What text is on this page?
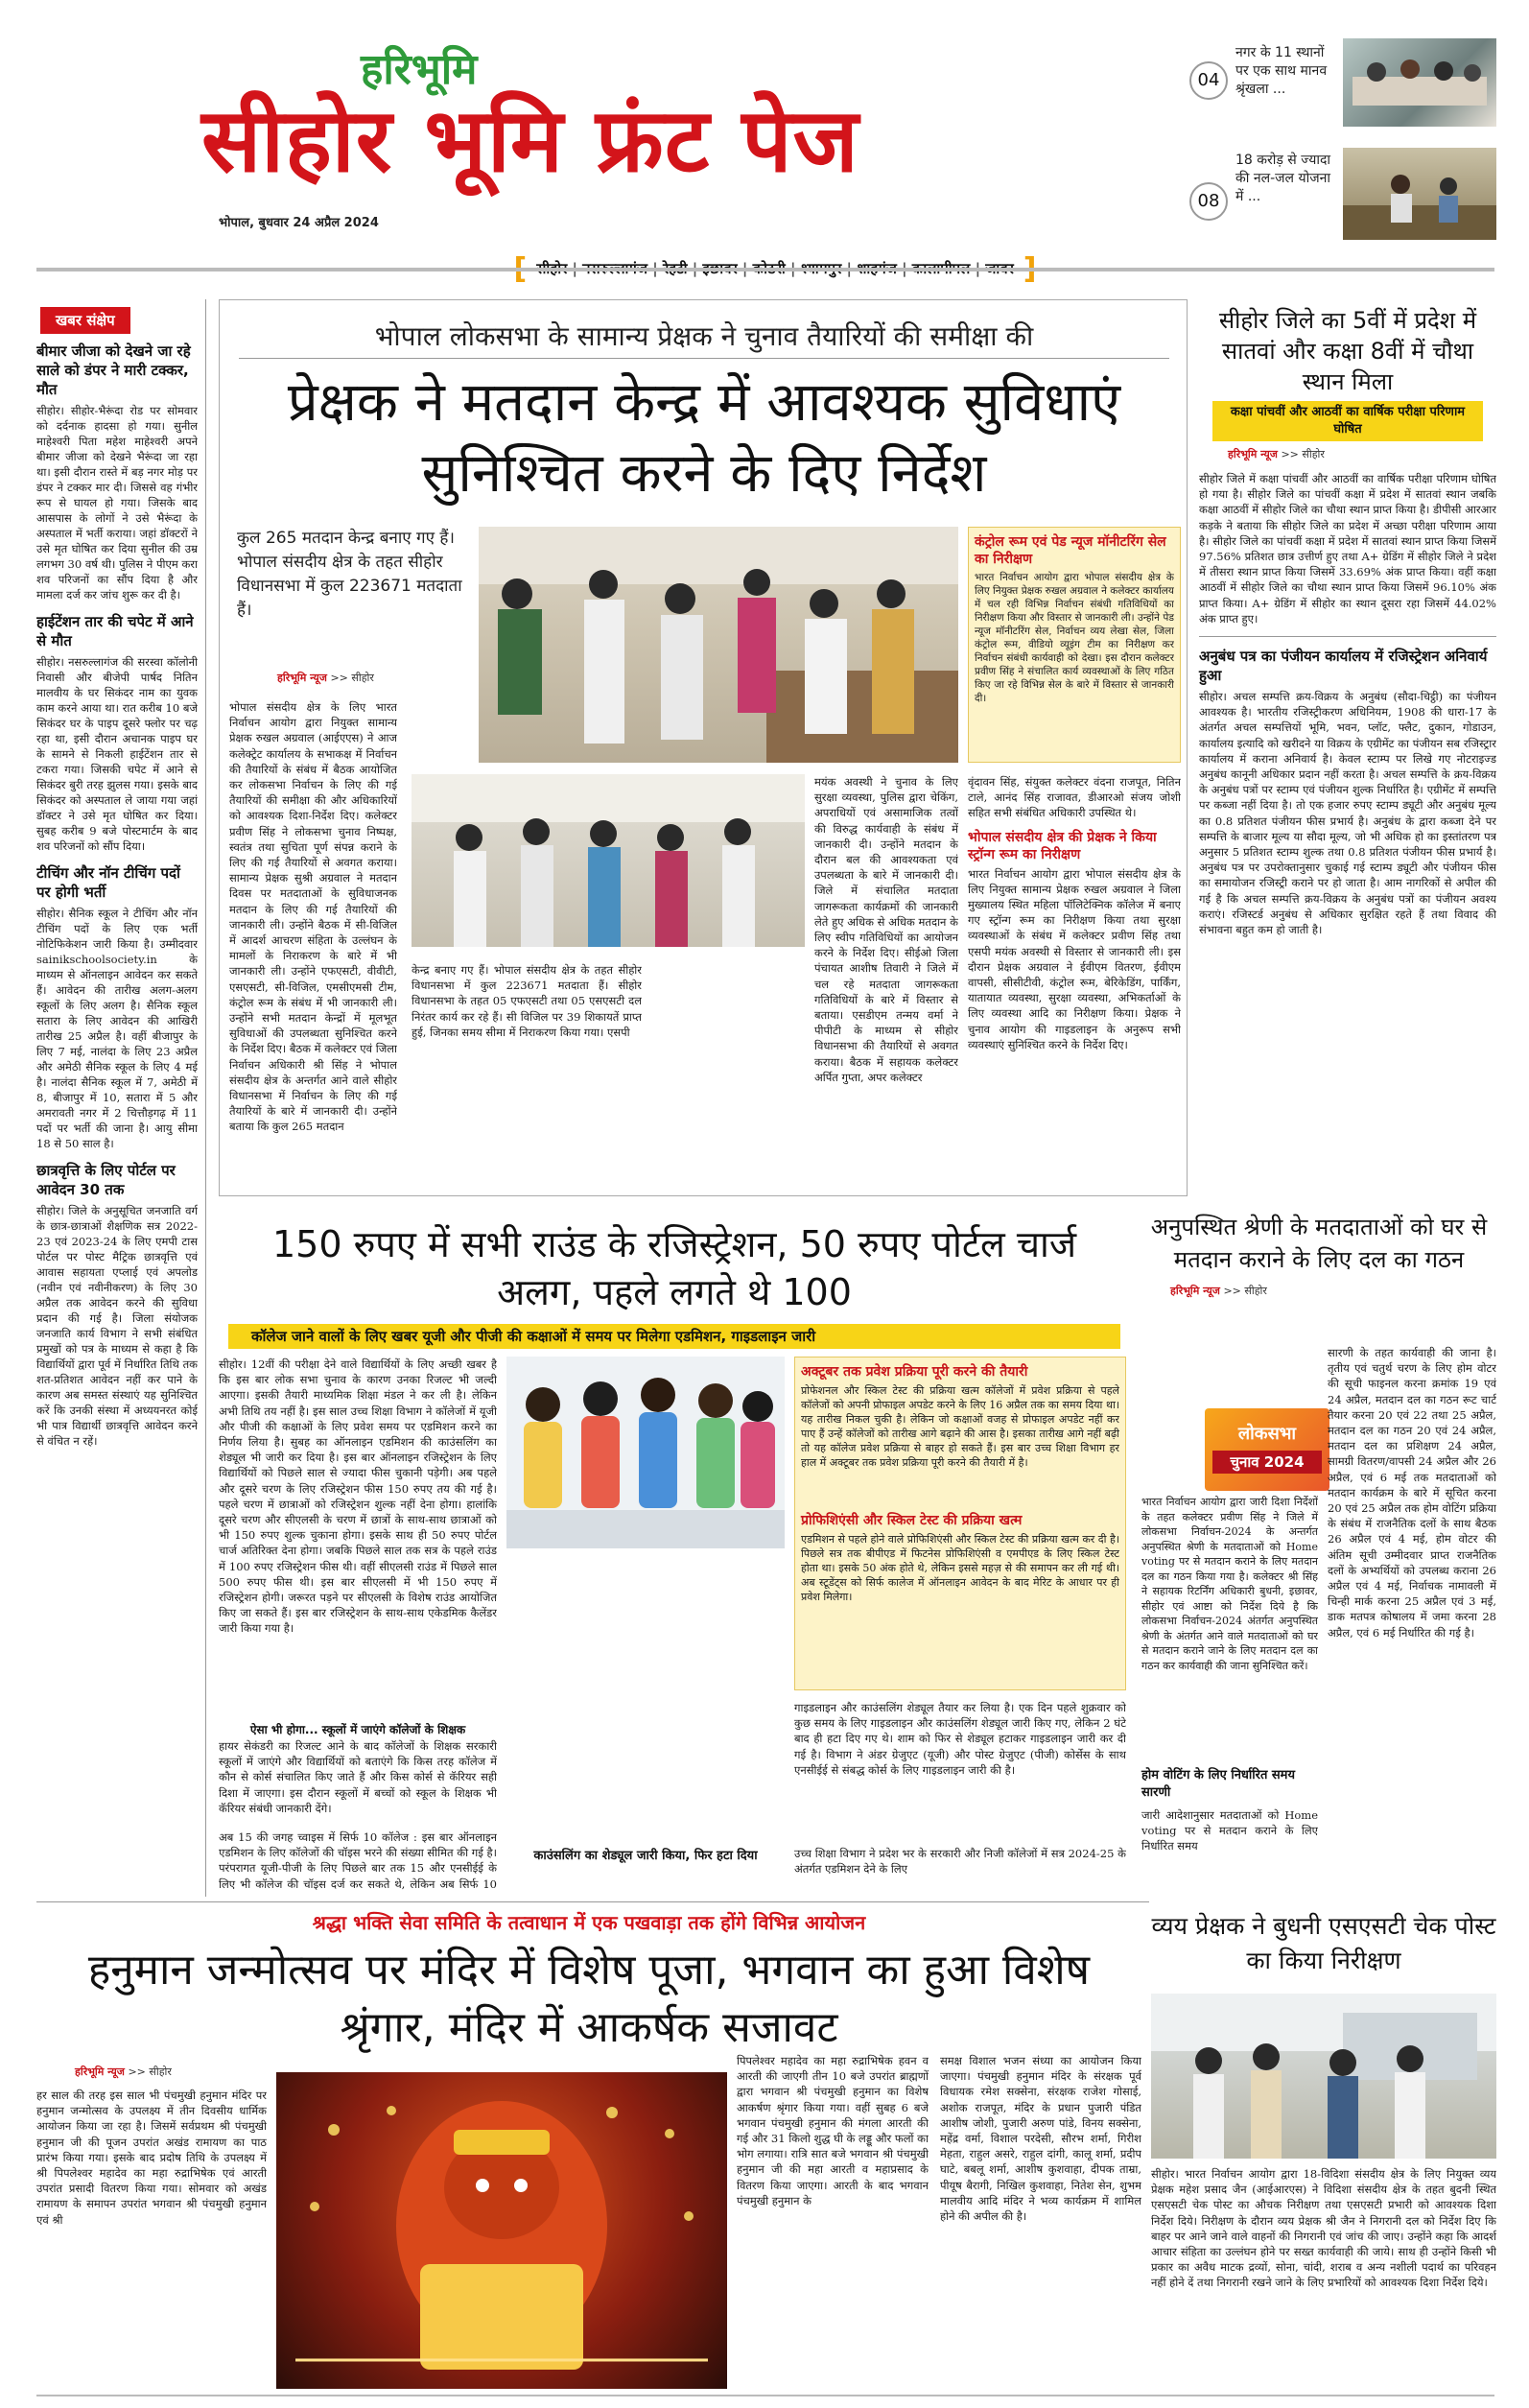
हरिभूमि
सीहोर भूमि फ्रंट पेज
भोपाल, बुधवार 24 अप्रैल 2024
04
नगर के 11 स्थानों पर एक साथ मानव श्रृंखला ...
08
18 करोड़ से ज्यादा की नल-जल योजना में ...
खबर संक्षेप
बीमार जीजा को देखने जा रहे साले को डंपर ने मारी टक्कर, मौत
सीहोर। सीहोर-भैरूंदा रोड पर सोमवार को दर्दनाक हादसा हो गया। सुनील माहेश्वरी पिता महेश माहेश्वरी अपने बीमार जीजा को देखने भैरूंदा जा रहा था। इसी दौरान रास्ते में बड़ नगर मोड़ पर डंपर ने टक्कर मार दी। जिससे वह गंभीर रूप से घायल हो गया। जिसके बाद आसपास के लोगों ने उसे भैरूंदा के अस्पताल में भर्ती कराया। जहां डॉक्टरों ने उसे मृत घोषित कर दिया सुनील की उम्र लगभग 30 वर्ष थी। पुलिस ने पीएम करा शव परिजनों का सौंप दिया है और मामला दर्ज कर जांच शुरू कर दी है।
हाईटेंशन तार की चपेट में आने से मौत
सीहोर। नसरुल्लागंज की सरस्वा कॉलोनी निवासी और बीजेपी पार्षद नितिन मालवीय के घर सिकंदर नाम का युवक काम करने आया था। रात करीब 10 बजे सिकंदर घर के पाइप दूसरे फ्लोर पर चढ़ रहा था, इसी दौरान अचानक पाइप घर के सामने से निकली हाईटेंशन तार से टकरा गया। जिसकी चपेट में आने से सिकंदर बुरी तरह झुलस गया। इसके बाद सिकंदर को अस्पताल ले जाया गया जहां डॉक्टर ने उसे मृत घोषित कर दिया। सुबह करीब 9 बजे पोस्टमार्टम के बाद शव परिजनों को सौंप दिया।
टीचिंग और नॉन टीचिंग पदों पर होगी भर्ती
सीहोर। सैनिक स्कूल ने टीचिंग और नॉन टीचिंग पदों के लिए एक भर्ती नोटिफिकेशन जारी किया है। उम्मीदवार sainikschoolsociety.in के माध्यम से ऑनलाइन आवेदन कर सकते हैं। आवेदन की तारीख अलग-अलग स्कूलों के लिए अलग है। सैनिक स्कूल सतारा के लिए आवेदन की आखिरी तारीख 25 अप्रैल है। वहीं बीजापुर के लिए 7 मई, नालंदा के लिए 23 अप्रैल और अमेठी सैनिक स्कूल के लिए 4 मई है। नालंदा सैनिक स्कूल में 7, अमेठी में 8, बीजापुर में 10, सतारा में 5 और अमरावती नगर में 2 चित्तौड़गढ़ में 11 पदों पर भर्ती की जाना है। आयु सीमा 18 से 50 साल है।
छात्रवृत्ति के लिए पोर्टल पर आवेदन 30 तक
सीहोर। जिले के अनुसूचित जनजाति वर्ग के छात्र-छात्राओं शैक्षणिक सत्र 2022-23 एवं 2023-24 के लिए एमपी टास पोर्टल पर पोस्ट मैट्रिक छात्रवृत्ति एवं आवास सहायता एप्लाई एवं अपलोड (नवीन एवं नवीनीकरण) के लिए 30 अप्रैल तक आवेदन करने की सुविधा प्रदान की गई है। जिला संयोजक जनजाति कार्य विभाग ने सभी संबंधित प्रमुखों को पत्र के माध्यम से कहा है कि विद्यार्थियों द्वारा पूर्व में निर्धारित तिथि तक शत-प्रतिशत आवेदन नहीं कर पाने के कारण अब समस्त संस्थाएं यह सुनिश्चित करें कि उनकी संस्था में अध्ययनरत कोई भी पात्र विद्यार्थी छात्रवृत्ति आवेदन करने से वंचित न रहें।
भोपाल लोकसभा के सामान्य प्रेक्षक ने चुनाव तैयारियों की समीक्षा की
प्रेक्षक ने मतदान केन्द्र में आवश्यक सुविधाएं सुनिश्चित करने के दिए निर्देश
कुल 265 मतदान केन्द्र बनाए गए हैं। भोपाल संसदीय क्षेत्र के तहत सीहोर विधानसभा में कुल 223671 मतदाता हैं।
हरिभूमि न्यूज >> सीहोर
कंट्रोल रूम एवं पेड न्यूज मॉनीटरिंग सेल का निरीक्षण
भारत निर्वाचन आयोग द्वारा भोपाल संसदीय क्षेत्र के लिए नियुक्त प्रेक्षक रुखल अग्रवाल ने कलेक्टर कार्यालय में चल रही विभिन्न निर्वाचन संबंधी गतिविधियों का निरीक्षण किया और विस्तार से जानकारी ली। उन्होंने पेड न्यूज मॉनीटरिंग सेल, निर्वाचन व्यय लेखा सेल, जिला कंट्रोल रूम, वीडियो व्यूइंग टीम का निरीक्षण कर निर्वाचन संबंधी कार्यवाही को देखा। इस दौरान कलेक्टर प्रवीण सिंह ने संचालित कार्य व्यवस्थाओं के लिए गठित किए जा रहे विभिन्न सेल के बारे में विस्तार से जानकारी दी।
भोपाल संसदीय क्षेत्र के लिए भारत निर्वाचन आयोग द्वारा नियुक्त सामान्य प्रेक्षक रुखल अग्रवाल (आईएएस) ने आज कलेक्ट्रेट कार्यालय के सभाकक्ष में निर्वाचन की तैयारियों के संबंध में बैठक आयोजित कर लोकसभा निर्वाचन के लिए की गई तैयारियों की समीक्षा की और अधिकारियों को आवश्यक दिशा-निर्देश दिए। कलेक्टर प्रवीण सिंह ने लोकसभा चुनाव निष्पक्ष, स्वतंत्र तथा सुचिता पूर्ण संपन्न कराने के लिए की गई तैयारियों से अवगत कराया। सामान्य प्रेक्षक सुश्री अग्रवाल ने मतदान दिवस पर मतदाताओं के सुविधाजनक मतदान के लिए की गई तैयारियों की जानकारी ली। उन्होंने बैठक में सी-विजिल में आदर्श आचरण संहिता के उल्लंघन के मामलों के निराकरण के बारे में भी जानकारी ली। उन्होंने एफएसटी, वीवीटी, एसएसटी, सी-विजिल, एमसीएमसी टीम, कंट्रोल रूम के संबंध में भी जानकारी ली। उन्होंने सभी मतदान केन्द्रों में मूलभूत सुविधाओं की उपलब्धता सुनिश्चित करने के निर्देश दिए। बैठक में कलेक्टर एवं जिला निर्वाचन अधिकारी श्री सिंह ने भोपाल संसदीय क्षेत्र के अन्तर्गत आने वाले सीहोर विधानसभा में निर्वाचन के लिए की गई तैयारियों के बारे में जानकारी दी। उन्होंने बताया कि कुल 265 मतदान
केन्द्र बनाए गए हैं। भोपाल संसदीय क्षेत्र के तहत सीहोर विधानसभा में कुल 223671 मतदाता हैं। सीहोर विधानसभा के तहत 05 एफएसटी तथा 05 एसएसटी दल निरंतर कार्य कर रहे हैं। सी विजिल पर 39 शिकायतें प्राप्त हुई, जिनका समय सीमा में निराकरण किया गया। एसपी
मयंक अवस्थी ने चुनाव के लिए सुरक्षा व्यवस्था, पुलिस द्वारा चेकिंग, अपराधियों एवं असामाजिक तत्वों की विरुद्ध कार्यवाही के संबंध में जानकारी दी। उन्होंने मतदान के दौरान बल की आवश्यकता एवं उपलब्धता के बारे में जानकारी दी। जिले में संचालित मतदाता जागरूकता कार्यक्रमों की जानकारी लेते हुए अधिक से अधिक मतदान के लिए स्वीप गतिविधियों का आयोजन करने के निर्देश दिए। सीईओ जिला पंचायत आशीष तिवारी ने जिले में चल रहे मतदाता जागरूकता गतिविधियों के बारे में विस्तार से बताया। एसडीएम तन्मय वर्मा ने पीपीटी के माध्यम से सीहोर विधानसभा की तैयारियों से अवगत कराया। बैठक में सहायक कलेक्टर अर्पित गुप्ता, अपर कलेक्टर
वृंदावन सिंह, संयुक्त कलेक्टर वंदना राजपूत, नितिन टाले, आनंद सिंह राजावत, डीआरओ संजय जोशी सहित सभी संबंधित अधिकारी उपस्थित थे।
भोपाल संसदीय क्षेत्र की प्रेक्षक ने किया स्ट्रॉन्ग रूम का निरीक्षण
भारत निर्वाचन आयोग द्वारा भोपाल संसदीय क्षेत्र के लिए नियुक्त सामान्य प्रेक्षक रुखल अग्रवाल ने जिला मुख्यालय स्थित महिला पॉलिटेक्निक कॉलेज में बनाए गए स्ट्रॉन्ग रूम का निरीक्षण किया तथा सुरक्षा व्यवस्थाओं के संबंध में कलेक्टर प्रवीण सिंह तथा एसपी मयंक अवस्थी से विस्तार से जानकारी ली। इस दौरान प्रेक्षक अग्रवाल ने ईवीएम वितरण, ईवीएम वापसी, सीसीटीवी, कंट्रोल रूम, बेरिकेडिंग, पार्किंग, यातायात व्यवस्था, सुरक्षा व्यवस्था, अभिकर्ताओं के लिए व्यवस्था आदि का निरीक्षण किया। प्रेक्षक ने चुनाव आयोग की गाइडलाइन के अनुरूप सभी व्यवस्थाएं सुनिश्चित करने के निर्देश दिए।
सीहोर जिले का 5वीं में प्रदेश में सातवां और कक्षा 8वीं में चौथा स्थान मिला
कक्षा पांचवीं और आठवीं का वार्षिक परीक्षा परिणाम घोषित
हरिभूमि न्यूज >> सीहोर
सीहोर जिले में कक्षा पांचवीं और आठवीं का वार्षिक परीक्षा परिणाम घोषित हो गया है। सीहोर जिले का पांचवीं कक्षा में प्रदेश में सातवां स्थान जबकि कक्षा आठवीं में सीहोर जिले का चौथा स्थान प्राप्त किया है। डीपीसी आरआर कड़के ने बताया कि सीहोर जिले का प्रदेश में अच्छा परीक्षा परिणाम आया है। सीहोर जिले का पांचवीं कक्षा में प्रदेश में सातवां स्थान प्राप्त किया जिसमें 97.56% प्रतिशत छात्र उत्तीर्ण हुए तथा A+ ग्रेडिंग में सीहोर जिले ने प्रदेश में तीसरा स्थान प्राप्त किया जिसमें 33.69% अंक प्राप्त किया। वहीं कक्षा आठवीं में सीहोर जिले का चौथा स्थान प्राप्त किया जिसमें 96.10% अंक प्राप्त किया। A+ ग्रेडिंग में सीहोर का स्थान दूसरा रहा जिसमें 44.02% अंक प्राप्त हुए।
अनुबंध पत्र का पंजीयन कार्यालय में रजिस्ट्रेशन अनिवार्य हुआ
सीहोर। अचल सम्पत्ति क्रय-विक्रय के अनुबंध (सौदा-चिट्ठी) का पंजीयन आवश्यक है। भारतीय रजिस्ट्रीकरण अधिनियम, 1908 की धारा-17 के अंतर्गत अचल सम्पत्तियों भूमि, भवन, प्लॉट, फ्लैट, दुकान, गोडाउन, कार्यालय इत्यादि को खरीदने या विक्रय के एग्रीमेंट का पंजीयन सब रजिस्ट्रार कार्यालय में कराना अनिवार्य है। केवल स्टाम्प पर लिखे गए नोटराइज्ड अनुबंध कानूनी अधिकार प्रदान नहीं करता है। अचल सम्पत्ति के क्रय-विक्रय के अनुबंध पत्रों पर स्टाम्प एवं पंजीयन शुल्क निर्धारित है। एग्रीमेंट में सम्पत्ति पर कब्जा नहीं दिया है। तो एक हजार रुपए स्टाम्प ड्यूटी और अनुबंध मूल्य का 0.8 प्रतिशत पंजीयन फीस प्रभार्य है। अनुबंध के द्वारा कब्जा देने पर सम्पत्ति के बाजार मूल्य या सौदा मूल्य, जो भी अधिक हो का इस्तांतरण पत्र अनुसार 5 प्रतिशत स्टाम्प शुल्क तथा 0.8 प्रतिशत पंजीयन फीस प्रभार्य है। अनुबंध पत्र पर उपरोक्तानुसार चुकाई गई स्टाम्प ड्यूटी और पंजीयन फीस का समायोजन रजिस्ट्री कराने पर हो जाता है। आम नागरिकों से अपील की गई है कि अचल सम्पत्ति क्रय-विक्रय के अनुबंध पत्रों का पंजीयन अवश्य कराएं। रजिस्टर्ड अनुबंध से अधिकार सुरक्षित रहते हैं तथा विवाद की संभावना बहुत कम हो जाती है।
150 रुपए में सभी राउंड के रजिस्ट्रेशन, 50 रुपए पोर्टल चार्ज अलग, पहले लगते थे 100
कॉलेज जाने वालों के लिए खबर यूजी और पीजी की कक्षाओं में समय पर मिलेगा एडमिशन, गाइडलाइन जारी
सीहोर। 12वीं की परीक्षा देने वाले विद्यार्थियों के लिए अच्छी खबर है कि इस बार लोक सभा चुनाव के कारण उनका रिजल्ट भी जल्दी आएगा। इसकी तैयारी माध्यमिक शिक्षा मंडल ने कर ली है। लेकिन अभी तिथि तय नहीं है। इस साल उच्च शिक्षा विभाग ने कॉलेजों में यूजी और पीजी की कक्षाओं के लिए प्रवेश समय पर एडमिशन करने का निर्णय लिया है। सुबह का ऑनलाइन एडमिशन की काउंसलिंग का शेड्यूल भी जारी कर दिया है। इस बार ऑनलाइन रजिस्ट्रेशन के लिए विद्यार्थियों को पिछले साल से ज्यादा फीस चुकानी पड़ेगी। अब पहले और दूसरे चरण के लिए रजिस्ट्रेशन फीस 150 रुपए तय की गई है। पहले चरण में छात्राओं को रजिस्ट्रेशन शुल्क नहीं देना होगा। हालांकि दूसरे चरण और सीएलसी के चरण में छात्रों के साथ-साथ छात्राओं को भी 150 रुपए शुल्क चुकाना होगा। इसके साथ ही 50 रुपए पोर्टल चार्ज अतिरिक्त देना होगा। जबकि पिछले साल तक सत्र के पहले राउंड में 100 रुपए रजिस्ट्रेशन फीस थी। वहीं सीएलसी राउंड में पिछले साल 500 रुपए फीस थी। इस बार सीएलसी में भी 150 रुपए में रजिस्ट्रेशन होगी। जरूरत पड़ने पर सीएलसी के विशेष राउंड आयोजित किए जा सकते हैं। इस बार रजिस्ट्रेशन के साथ-साथ एकेडमिक कैलेंडर जारी किया गया है।
ऐसा भी होगा... स्कूलों में जाएंगे कॉलेजों के शिक्षक
हायर सेकंडरी का रिजल्ट आने के बाद कॉलेजों के शिक्षक सरकारी स्कूलों में जाएंगे और विद्यार्थियों को बताएंगे कि किस तरह कॉलेज में कौन से कोर्स संचालित किए जाते हैं और किस कोर्स से कॅरियर सही दिशा में जाएगा। इस दौरान स्कूलों में बच्चों को स्कूल के शिक्षक भी कॅरियर संबंधी जानकारी देंगे।
अब 15 की जगह च्वाइस में सिर्फ 10 कॉलेज : इस बार ऑनलाइन एडमिशन के लिए कॉलेजों की चॉइस भरने की संख्या सीमित की गई है। परंपरागत यूजी-पीजी के लिए पिछले बार तक 15 और एनसीईई के लिए भी कॉलेज की चॉइस दर्ज कर सकते थे, लेकिन अब सिर्फ 10
काउंसलिंग का शेड्यूल जारी किया, फिर हटा दिया
अक्टूबर तक प्रवेश प्रक्रिया पूरी करने की तैयारी
प्रोफेशनल और स्किल टेस्ट की प्रक्रिया खत्म कॉलेजों में प्रवेश प्रक्रिया से पहले कॉलेजों को अपनी प्रोफाइल अपडेट करने के लिए 16 अप्रैल तक का समय दिया था। यह तारीख निकल चुकी है। लेकिन जो कक्षाओं वजह से प्रोफाइल अपडेट नहीं कर पाए हैं उन्हें कॉलेजों को तारीख आगे बढ़ाने की आस है। इसका तारीख आगे नहीं बढ़ी तो यह कॉलेज प्रवेश प्रक्रिया से बाहर हो सकते हैं। इस बार उच्च शिक्षा विभाग हर हाल में अक्टूबर तक प्रवेश प्रक्रिया पूरी करने की तैयारी में है।
प्रोफिशिएंसी और स्किल टेस्ट की प्रक्रिया खत्म
एडमिशन से पहले होने वाले प्रोफिशिएंसी और स्किल टेस्ट की प्रक्रिया खत्म कर दी है। पिछले सत्र तक बीपीएड में फिटनेस प्रोफिशिएंसी व एमपीएड के लिए स्किल टेस्ट होता था। इसके 50 अंक होते थे, लेकिन इससे महज़ से की समापन कर ली गई थी। अब स्टूडेंट्स को सिर्फ कालेज में ऑनलाइन आवेदन के बाद मेरिट के आधार पर ही प्रवेश मिलेगा।
गाइडलाइन और काउंसलिंग शेड्यूल तैयार कर लिया है। एक दिन पहले शुक्रवार को कुछ समय के लिए गाइडलाइन और काउंसलिंग शेड्यूल जारी किए गए, लेकिन 2 घंटे बाद ही हटा दिए गए थे। शाम को फिर से शेड्यूल हटाकर गाइडलाइन जारी कर दी गई है। विभाग ने अंडर ग्रेजुएट (यूजी) और पोस्ट ग्रेजुएट (पीजी) कोर्सेस के साथ एनसीईई से संबद्ध कोर्स के लिए गाइडलाइन जारी की है।
उच्च शिक्षा विभाग ने प्रदेश भर के सरकारी और निजी कॉलेजों में सत्र 2024-25 के अंतर्गत एडमिशन देने के लिए
अनुपस्थित श्रेणी के मतदाताओं को घर से मतदान कराने के लिए दल का गठन
हरिभूमि न्यूज >> सीहोर
लोकसभा
चुनाव 2024
भारत निर्वाचन आयोग द्वारा जारी दिशा निर्देशों के तहत कलेक्टर प्रवीण सिंह ने जिले में लोकसभा निर्वाचन-2024 के अन्तर्गत अनुपस्थित श्रेणी के मतदाताओं को Home voting पर से मतदान कराने के लिए मतदान दल का गठन किया गया है। कलेक्टर श्री सिंह ने सहायक रिटर्निंग अधिकारी बुधनी, इछावर, सीहोर एवं आष्टा को निर्देश दिये है कि लोकसभा निर्वाचन-2024 अंतर्गत अनुपस्थित श्रेणी के अंतर्गत आने वाले मतदाताओं को घर से मतदान कराने जाने के लिए मतदान दल का गठन कर कार्यवाही की जाना सुनिश्चित करें।
होम वोटिंग के लिए निर्धारित समय सारणी
जारी आदेशानुसार मतदाताओं को Home voting पर से मतदान कराने के लिए निर्धारित समय
सारणी के तहत कार्यवाही की जाना है। तृतीय एवं चतुर्थ चरण के लिए होम वोटर की सूची फाइनल करना क्रमांक 19 एवं 24 अप्रैल, मतदान दल का गठन रूट चार्ट तैयार करना 20 एवं 22 तथा 25 अप्रैल, मतदान दल का गठन 20 एवं 24 अप्रैल, मतदान दल का प्रशिक्षण 24 अप्रैल, सामग्री वितरण/वापसी 24 अप्रैल और 26 अप्रैल, एवं 6 मई तक मतदाताओं को मतदान कार्यक्रम के बारे में सूचित करना 20 एवं 25 अप्रैल तक होम वोटिंग प्रक्रिया के संबंध में राजनैतिक दलों के साथ बैठक 26 अप्रैल एवं 4 मई, होम वोटर की अंतिम सूची उम्मीदवार प्राप्त राजनैतिक दलों के अभ्यर्थियों को उपलब्ध कराना 26 अप्रैल एवं 4 मई, निर्वाचक नामावली में चिन्ही मार्क करना 25 अप्रैल एवं 3 मई, डाक मतपत्र कोषालय में जमा करना 28 अप्रैल, एवं 6 मई निर्धारित की गई है।
श्रद्धा भक्ति सेवा समिति के तत्वाधान में एक पखवाड़ा तक होंगे विभिन्न आयोजन
हनुमान जन्मोत्सव पर मंदिर में विशेष पूजा, भगवान का हुआ विशेष श्रृंगार, मंदिर में आकर्षक सजावट
हरिभूमि न्यूज >> सीहोर
हर साल की तरह इस साल भी पंचमुखी हनुमान मंदिर पर हनुमान जन्मोत्सव के उपलक्ष्य में तीन दिवसीय धार्मिक आयोजन किया जा रहा है। जिसमें सर्वप्रथम श्री पंचमुखी हनुमान जी की पूजन उपरांत अखंड रामायण का पाठ प्रारंभ किया गया। इसके बाद प्रदोष तिथि के उपलक्ष्य में श्री पिपलेश्वर महादेव का महा रुद्राभिषेक एवं आरती उपरांत प्रसादी वितरण किया गया। सोमवार को अखंड रामायण के समापन उपरांत भगवान श्री पंचमुखी हनुमान एवं श्री
पिपलेश्वर महादेव का महा रुद्राभिषेक हवन व आरती की जाएगी तीन 10 बजे उपरांत ब्राह्मणों द्वारा भगवान श्री पंचमुखी हनुमान का विशेष आकर्षण श्रृंगार किया गया। वहीं सुबह 6 बजे भगवान पंचमुखी हनुमान की मंगला आरती की गई और 31 किलो शुद्ध घी के लड्डू और फलों का भोग लगाया। रात्रि सात बजे भगवान श्री पंचमुखी हनुमान जी की महा आरती व महाप्रसाद के वितरण किया जाएगा। आरती के बाद भगवान पंचमुखी हनुमान के
समक्ष विशाल भजन संध्या का आयोजन किया जाएगा। पंचमुखी हनुमान मंदिर के संरक्षक पूर्व विधायक रमेश सक्सेना, संरक्षक राजेश गोसाई, अशोक राजपूत, मंदिर के प्रधान पुजारी पंडित आशीष जोशी, पुजारी अरुण पांडे, विनय सक्सेना, महेंद्र वर्मा, विशाल परदेसी, सौरभ शर्मा, गिरीश मेहता, राहुल असरे, राहुल दांगी, कालू शर्मा, प्रदीप घाटे, बबलू शर्मा, आशीष कुशवाहा, दीपक ताम्रा, पीयूष बैरागी, निखिल कुशवाहा, नितेश सेन, शुभम मालवीय आदि मंदिर ने भव्य कार्यक्रम में शामिल होने की अपील की है।
व्यय प्रेक्षक ने बुधनी एसएसटी चेक पोस्ट का किया निरीक्षण
सीहोर। भारत निर्वाचन आयोग द्वारा 18-विदिशा संसदीय क्षेत्र के लिए नियुक्त व्यय प्रेक्षक महेश प्रसाद जैन (आईआरएस) ने विदिशा संसदीय क्षेत्र के तहत बुदनी स्थित एसएसटी चेक पोस्ट का औचक निरीक्षण तथा एसएसटी प्रभारी को आवश्यक दिशा निर्देश दिये। निरीक्षण के दौरान व्यय प्रेक्षक श्री जैन ने निगरानी दल को निर्देश दिए कि बाहर पर आने जाने वाले वाहनों की निगरानी एवं जांच की जाए। उन्होंने कहा कि आदर्श आचार संहिता का उल्लंघन होने पर सख्त कार्यवाही की जाये। साथ ही उन्होंने किसी भी प्रकार का अवैध माटक द्रव्यों, सोना, चांदी, शराब व अन्य नशीली पदार्थ का परिवहन नहीं होने दें तथा निगरानी रखने जाने के लिए प्रभारियों को आवश्यक दिशा निर्देश दिये।
